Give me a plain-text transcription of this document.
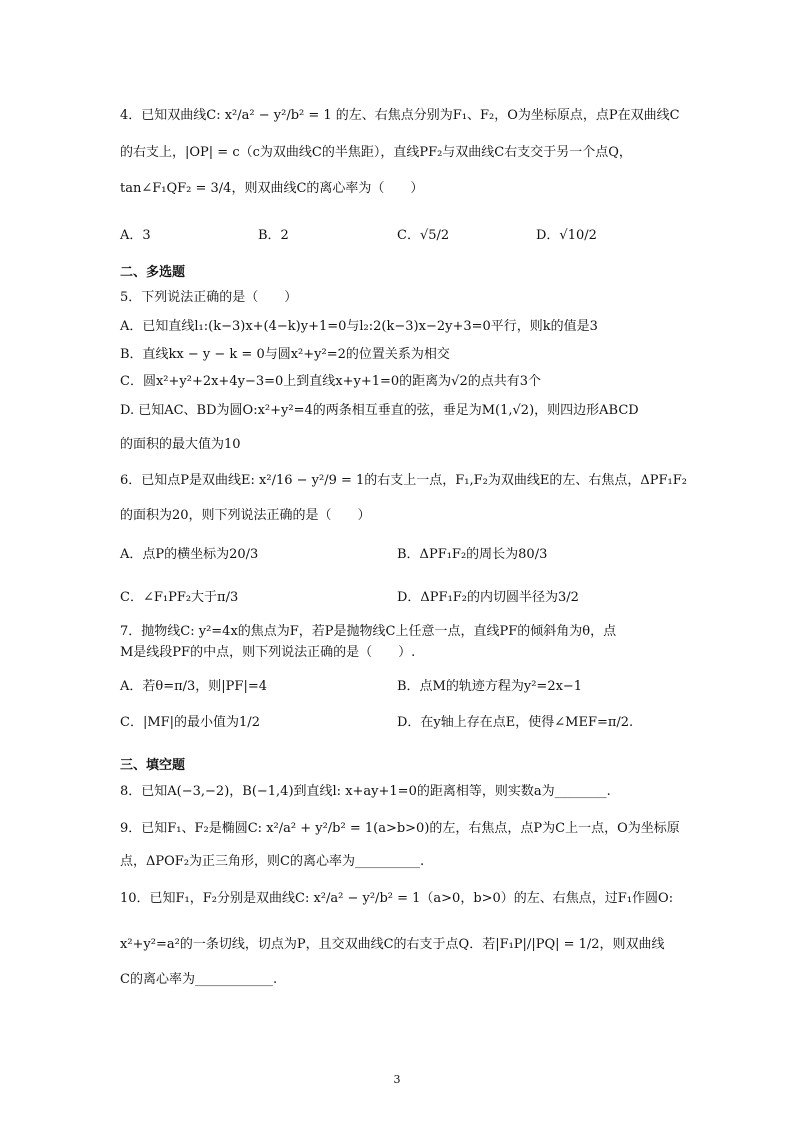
4．已知双曲线C: x²/a² − y²/b² = 1 的左、右焦点分别为F₁、F₂，O为坐标原点，点P在双曲线C
的右支上，|OP| = c（c为双曲线C的半焦距），直线PF₂与双曲线C右支交于另一个点Q，
tan∠F₁QF₂ = 3/4，则双曲线C的离心率为（　　）
A．3	B．2	C．√5/2	D．√10/2
二、多选题
5．下列说法正确的是（　　）
A．已知直线l₁:(k−3)x+(4−k)y+1=0与l₂:2(k−3)x−2y+3=0平行，则k的值是3
B．直线kx − y − k = 0与圆x²+y²=2的位置关系为相交
C．圆x²+y²+2x+4y−3=0上到直线x+y+1=0的距离为√2的点共有3个
D. 已知AC、BD为圆O:x²+y²=4的两条相互垂直的弦，垂足为M(1,√2)，则四边形ABCD
的面积的最大值为10
6．已知点P是双曲线E: x²/16 − y²/9 = 1的右支上一点，F₁,F₂为双曲线E的左、右焦点，ΔPF₁F₂
的面积为20，则下列说法正确的是（　　）
A．点P的横坐标为20/3	B．ΔPF₁F₂的周长为80/3
C．∠F₁PF₂大于π/3	D．ΔPF₁F₂的内切圆半径为3/2
7．抛物线C: y²=4x的焦点为F，若P是抛物线C上任意一点，直线PF的倾斜角为θ，点
M是线段PF的中点，则下列说法正确的是（　　）.
A．若θ=π/3，则|PF|=4	B．点M的轨迹方程为y²=2x−1
C．|MF|的最小值为1/2	D．在y轴上存在点E，使得∠MEF=π/2.
三、填空题
8．已知A(−3,−2)，B(−1,4)到直线l: x+ay+1=0的距离相等，则实数a为________.
9．已知F₁、F₂是椭圆C: x²/a² + y²/b² = 1(a>b>0)的左，右焦点，点P为C上一点，O为坐标原
点，ΔPOF₂为正三角形，则C的离心率为__________.
10．已知F₁，F₂分别是双曲线C: x²/a² − y²/b² = 1（a>0，b>0）的左、右焦点，过F₁作圆O:
x²+y²=a²的一条切线，切点为P，且交双曲线C的右支于点Q．若|F₁P|/|PQ| = 1/2，则双曲线
C的离心率为____________.
3
